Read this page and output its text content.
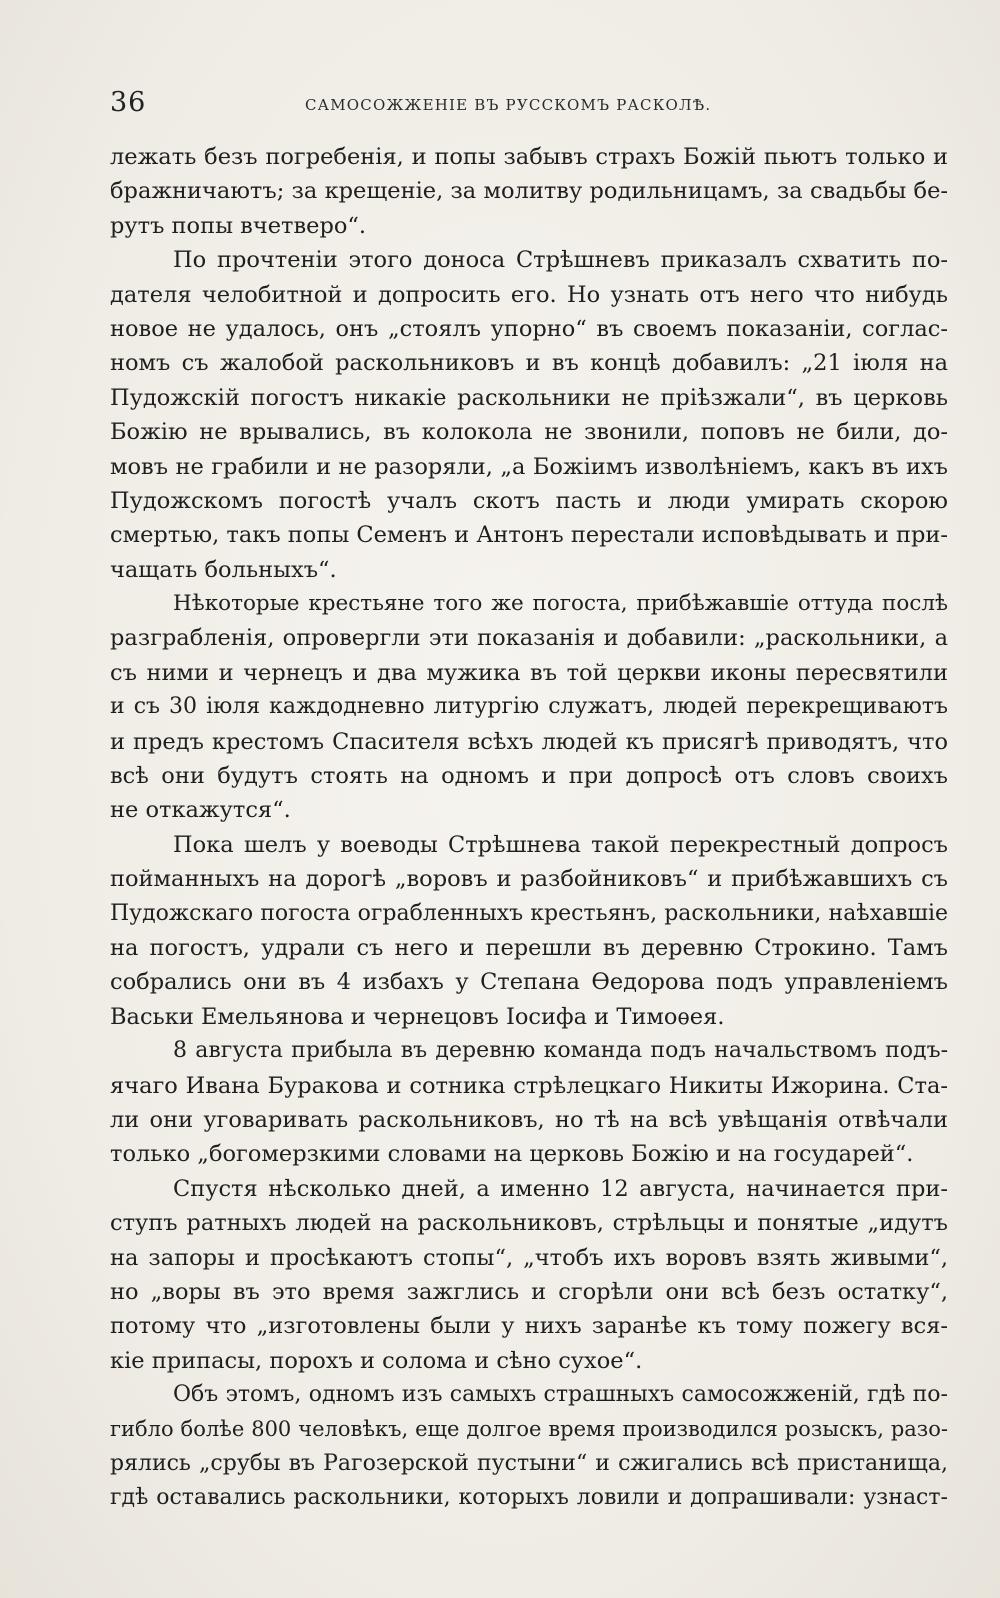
36	САМОСОЖЖЕНIЕ ВЪ РУССКОМЪ РАСКОЛѢ.
лежать безъ погребенія, и попы забывъ страхъ Божій пьютъ только и
бражничаютъ; за крещеніе, за молитву родильницамъ, за свадьбы бе-
рутъ попы вчетверо“.
По прочтеніи этого доноса Стрѣшневъ приказалъ схватить по-
дателя челобитной и допросить его. Но узнать отъ него что нибудь
новое не удалось, онъ „стоялъ упорно“ въ своемъ показаніи, соглас-
номъ съ жалобой раскольниковъ и въ концѣ добавилъ: „21 іюля на
Пудожскій погостъ никакіе раскольники не пріѣзжали“, въ церковь
Божію не врывались, въ колокола не звонили, поповъ не били, до-
мовъ не грабили и не разоряли, „а Божіимъ изволѣніемъ, какъ въ ихъ
Пудожскомъ погостѣ учалъ скотъ пасть и люди умирать скорою
смертью, такъ попы Семенъ и Антонъ перестали исповѣдывать и при-
чащать больныхъ“.
Нѣкоторые крестьяне того же погоста, прибѣжавшіе оттуда послѣ
разграбленія, опровергли эти показанія и добавили: „раскольники, а
съ ними и чернецъ и два мужика въ той церкви иконы пересвятили
и съ 30 іюля каждодневно литургію служатъ, людей перекрещиваютъ
и предъ крестомъ Спасителя всѣхъ людей къ присягѣ приводятъ, что
всѣ они будутъ стоять на одномъ и при допросѣ отъ словъ своихъ
не откажутся“.
Пока шелъ у воеводы Стрѣшнева такой перекрестный допросъ
пойманныхъ на дорогѣ „воровъ и разбойниковъ“ и прибѣжавшихъ съ
Пудожскаго погоста ограбленныхъ крестьянъ, раскольники, наѣхавшіе
на погостъ, удрали съ него и перешли въ деревню Строкино. Тамъ
собрались они въ 4 избахъ у Степана Ѳедорова подъ управленіемъ
Васьки Емельянова и чернецовъ Іосифа и Тимоѳея.
8 августа прибыла въ деревню команда подъ начальствомъ подъ-
ячаго Ивана Буракова и сотника стрѣлецкаго Никиты Ижорина. Ста-
ли они уговаривать раскольниковъ, но тѣ на всѣ увѣщанія отвѣчали
только „богомерзкими словами на церковь Божію и на государей“.
Спустя нѣсколько дней, а именно 12 августа, начинается при-
ступъ ратныхъ людей на раскольниковъ, стрѣльцы и понятые „идутъ
на запоры и просѣкаютъ стопы“, „чтобъ ихъ воровъ взять живыми“,
но „воры въ это время зажглись и сгорѣли они всѣ безъ остатку“,
потому что „изготовлены были у нихъ заранѣе къ тому пожегу вся-
кіе припасы, порохъ и солома и сѣно сухое“.
Объ этомъ, одномъ изъ самыхъ страшныхъ самосожженій, гдѣ по-
гибло болѣе 800 человѣкъ, еще долгое время производился розыскъ, разо-
рялись „срубы въ Рагозерской пустыни“ и сжигались всѣ пристанища,
гдѣ оставались раскольники, которыхъ ловили и допрашивали: узнаст-
